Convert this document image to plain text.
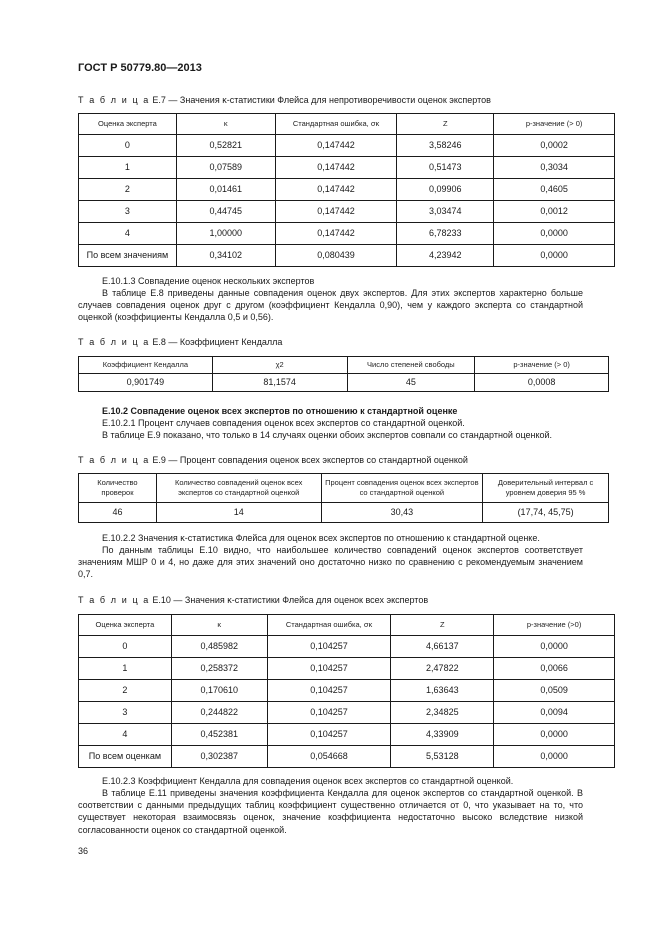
ГОСТ Р 50779.80—2013
Т а б л и ц а Е.7 — Значения κ-статистики Флейса для непротиворечивости оценок экспертов
Оценка эксперта	κ	Стандартная ошибка, σκ	Z	p-значение (> 0)
0	0,52821	0,147442	3,58246	0,0002
1	0,07589	0,147442	0,51473	0,3034
2	0,01461	0,147442	0,09906	0,4605
3	0,44745	0,147442	3,03474	0,0012
4	1,00000	0,147442	6,78233	0,0000
По всем значениям	0,34102	0,080439	4,23942	0,0000

Е.10.1.3 Совпадение оценок нескольких экспертов

В таблице Е.8 приведены данные совпадения оценок двух экспертов. Для этих экспертов характерно больше случаев совпадения оценок друг с другом (коэффициент Кендалла 0,90), чем у каждого эксперта со стандартной оценкой (коэффициенты Кендалла 0,5 и 0,56).

Т а б л и ц а Е.8 — Коэффициент Кендалла
Коэффициент Кендалла	χ2	Число степеней свободы	p-значение (> 0)
0,901749	81,1574	45	0,0008

Е.10.2 Совпадение оценок всех экспертов по отношению к стандартной оценке

Е.10.2.1 Процент случаев совпадения оценок всех экспертов со стандартной оценкой.

В таблице Е.9 показано, что только в 14 случаях оценки обоих экспертов совпали со стандартной оценкой.

Т а б л и ц а Е.9 — Процент совпадения оценок всех экспертов со стандартной оценкой
Количество проверок	Количество совпадений оценок всех экспертов со стандартной оценкой	Процент совпадения оценок всех экспертов со стандартной оценкой	Доверительный интервал с уровнем доверия 95 %
46	14	30,43	(17,74, 45,75)

Е.10.2.2 Значения κ-статистика Флейса для оценок всех экспертов по отношению к стандартной оценке.

По данным таблицы Е.10 видно, что наибольшее количество совпадений оценок экспертов соответствует значениям МШР 0 и 4, но даже для этих значений оно достаточно низко по сравнению с рекомендуемым значением 0,7.

Т а б л и ц а Е.10 — Значения κ-статистики Флейса для оценок всех экспертов
Оценка эксперта	κ	Стандартная ошибка, σκ	Z	p-значение (>0)
0	0,485982	0,104257	4,66137	0,0000
1	0,258372	0,104257	2,47822	0,0066
2	0,170610	0,104257	1,63643	0,0509
3	0,244822	0,104257	2,34825	0,0094
4	0,452381	0,104257	4,33909	0,0000
По всем оценкам	0,302387	0,054668	5,53128	0,0000

Е.10.2.3 Коэффициент Кендалла для совпадения оценок всех экспертов со стандартной оценкой.

В таблице Е.11 приведены значения коэффициента Кендалла для оценок экспертов со стандартной оценкой. В соответствии с данными предыдущих таблиц коэффициент существенно отличается от 0, что указывает на то, что существует некоторая взаимосвязь оценок, значение коэффициента недостаточно высоко вследствие низкой согласованности оценок со стандартной оценкой.

36
